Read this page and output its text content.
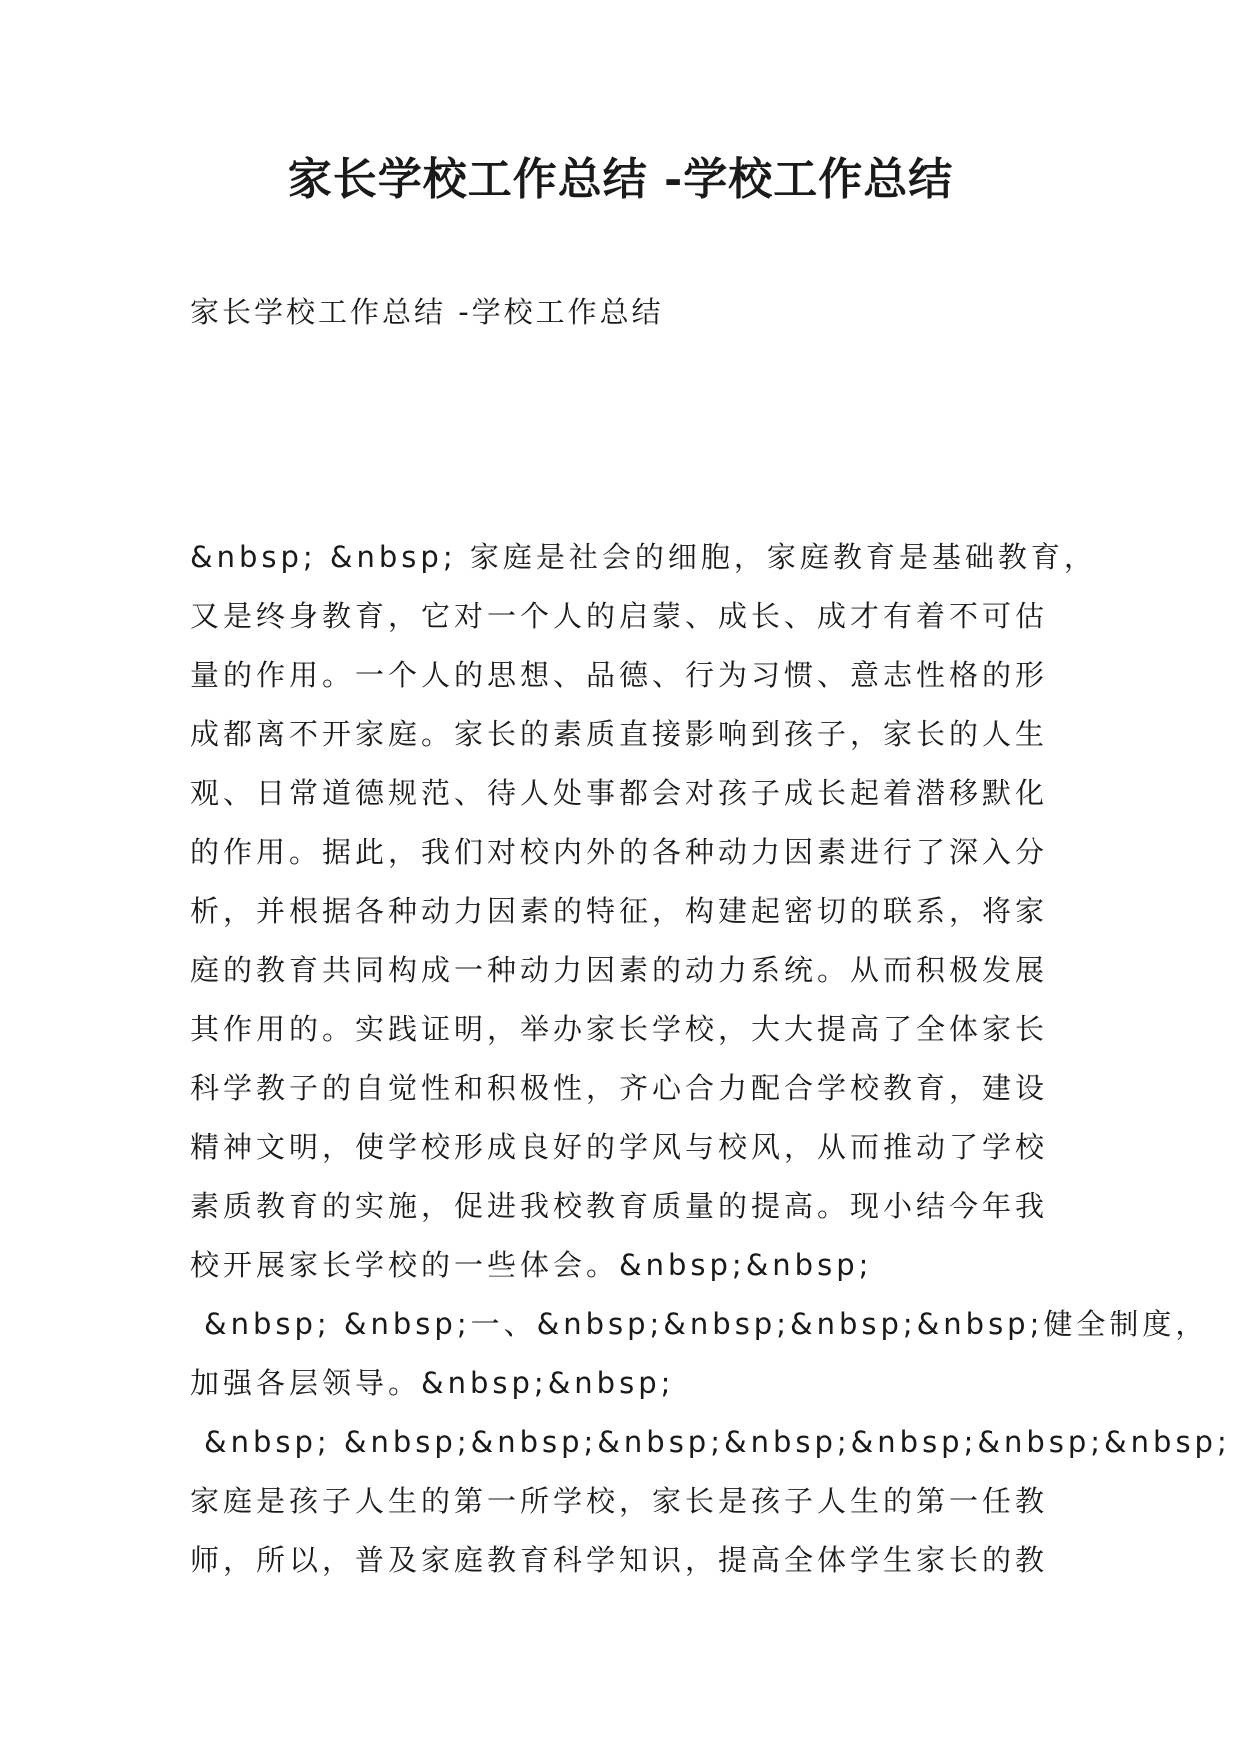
家长学校工作总结 -学校工作总结

家长学校工作总结 -学校工作总结

&nbsp; &nbsp; 家庭是社会的细胞，家庭教育是基础教育，

又是终身教育，它对一个人的启蒙、成长、成才有着不可估

量的作用。一个人的思想、品德、行为习惯、意志性格的形

成都离不开家庭。家长的素质直接影响到孩子，家长的人生

观、日常道德规范、待人处事都会对孩子成长起着潜移默化

的作用。据此，我们对校内外的各种动力因素进行了深入分

析，并根据各种动力因素的特征，构建起密切的联系，将家

庭的教育共同构成一种动力因素的动力系统。从而积极发展

其作用的。实践证明，举办家长学校，大大提高了全体家长

科学教子的自觉性和积极性，齐心合力配合学校教育，建设

精神文明，使学校形成良好的学风与校风，从而推动了学校

素质教育的实施，促进我校教育质量的提高。现小结今年我

校开展家长学校的一些体会。&nbsp;&nbsp;

&nbsp; &nbsp;一、&nbsp;&nbsp;&nbsp;&nbsp;健全制度，

加强各层领导。&nbsp;&nbsp;

&nbsp; &nbsp;&nbsp;&nbsp;&nbsp;&nbsp;&nbsp;&nbsp;

家庭是孩子人生的第一所学校，家长是孩子人生的第一任教

师，所以，普及家庭教育科学知识，提高全体学生家长的教
